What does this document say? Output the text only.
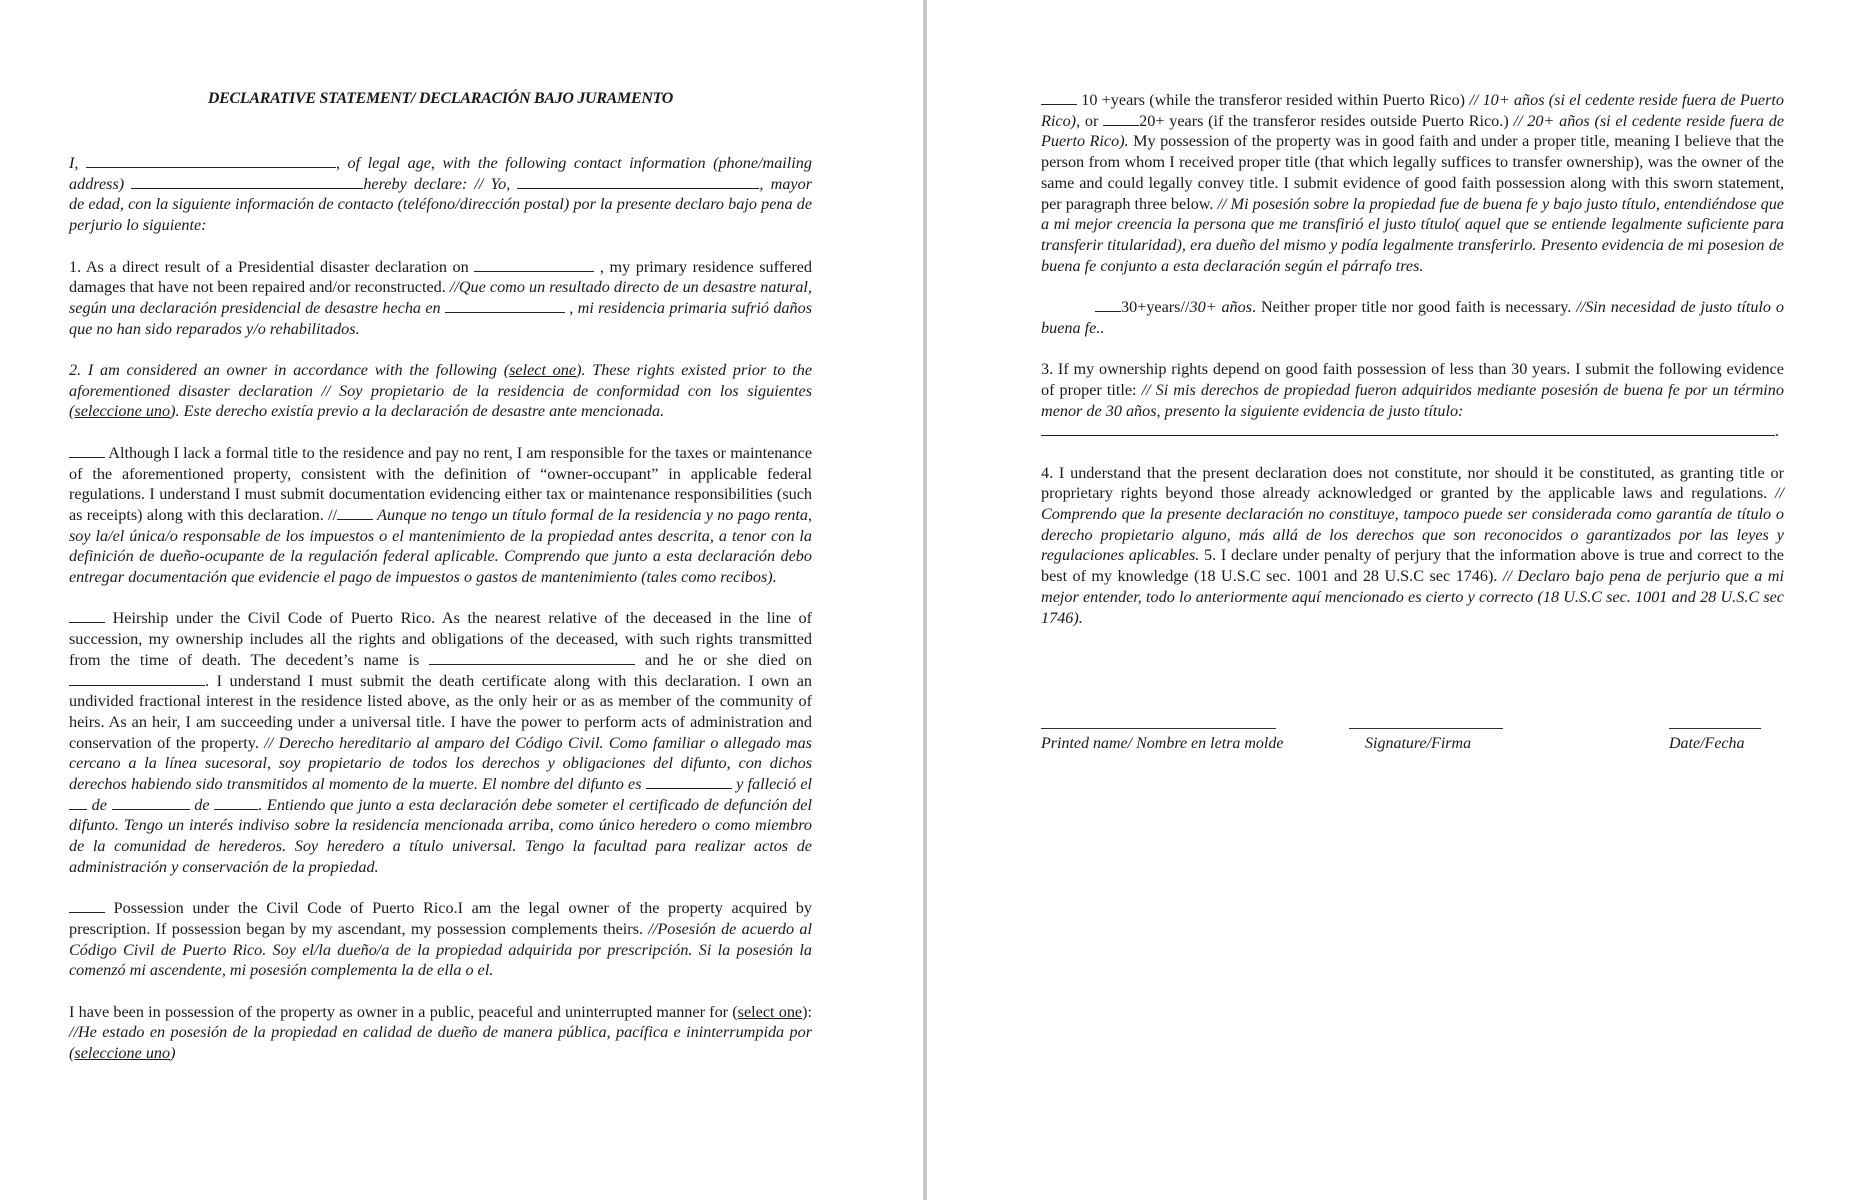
DECLARATIVE STATEMENT/ DECLARACIÓN BAJO JURAMENTO

I,	, of legal age, with the following contact information (phone/mailing address)	hereby declare: // Yo,	, mayor de edad, con la siguiente información de contacto (teléfono/dirección postal) por la presente declaro bajo pena de perjurio lo siguiente:

1. As a direct result of a Presidential disaster declaration on	, my primary residence suffered damages that have not been repaired and/or reconstructed. //Que como un resultado directo de un desastre natural, según una declaración presidencial de desastre hecha en	, mi residencia primaria sufrió daños que no han sido reparados y/o rehabilitados.

2. I am considered an owner in accordance with the following (select one). These rights existed prior to the aforementioned disaster declaration // Soy propietario de la residencia de conformidad con los siguientes (seleccione uno). Este derecho existía previo a la declaración de desastre ante mencionada.

Although I lack a formal title to the residence and pay no rent, I am responsible for the taxes or maintenance of the aforementioned property, consistent with the definition of “owner-occupant” in applicable federal regulations. I understand I must submit documentation evidencing either tax or maintenance responsibilities (such as receipts) along with this declaration. // Aunque no tengo un título formal de la residencia y no pago renta, soy la/el única/o responsable de los impuestos o el mantenimiento de la propiedad antes descrita, a tenor con la definición de dueño-ocupante de la regulación federal aplicable. Comprendo que junto a esta declaración debo entregar documentación que evidencie el pago de impuestos o gastos de mantenimiento (tales como recibos).

Heirship under the Civil Code of Puerto Rico. As the nearest relative of the deceased in the line of succession, my ownership includes all the rights and obligations of the deceased, with such rights transmitted from the time of death. The decedent’s name is	and he or she died on . I understand I must submit the death certificate along with this declaration. I own an undivided fractional interest in the residence listed above, as the only heir or as as member of the community of heirs. As an heir, I am succeeding under a universal title. I have the power to perform acts of administration and conservation of the property. // Derecho hereditario al amparo del Código Civil. Como familiar o allegado mas cercano a la línea sucesoral, soy propietario de todos los derechos y obligaciones del difunto, con dichos derechos habiendo sido transmitidos al momento de la muerte. El nombre del difunto es	y falleció el  de	de	. Entiendo que junto a esta declaración debe someter el certificado de defunción del difunto. Tengo un interés indiviso sobre la residencia mencionada arriba, como único heredero o como miembro de la comunidad de herederos. Soy heredero a título universal. Tengo la facultad para realizar actos de administración y conservación de la propiedad.

Possession under the Civil Code of Puerto Rico.I am the legal owner of the property acquired by prescription. If possession began by my ascendant, my possession complements theirs. //Posesión de acuerdo al Código Civil de Puerto Rico. Soy el/la dueño/a de la propiedad adquirida por prescripción. Si la posesión la comenzó mi ascendente, mi posesión complementa la de ella o el.

I have been in possession of the property as owner in a public, peaceful and uninterrupted manner for (select one): //He estado en posesión de la propiedad en calidad de dueño de manera pública, pacífica e ininterrumpida por (seleccione uno)

10 +years (while the transferor resided within Puerto Rico) // 10+ años (si el cedente reside fuera de Puerto Rico), or 20+ years (if the transferor resides outside Puerto Rico.) // 20+ años (si el cedente reside fuera de Puerto Rico). My possession of the property was in good faith and under a proper title, meaning I believe that the person from whom I received proper title (that which legally suffices to transfer ownership), was the owner of the same and could legally convey title. I submit evidence of good faith possession along with this sworn statement, per paragraph three below. // Mi posesión sobre la propiedad fue de buena fe y bajo justo título, entendiéndose que a mi mejor creencia la persona que me transfirió el justo título( aquel que se entiende legalmente suficiente para transferir titularidad), era dueño del mismo y podía legalmente transferirlo. Presento evidencia de mi posesion de buena fe conjunto a esta declaración según el párrafo tres.

30+years//30+ años. Neither proper title nor good faith is necessary. //Sin necesidad de justo título o buena fe..

3. If my ownership rights depend on good faith possession of less than 30 years. I submit the following evidence of proper title: // Si mis derechos de propiedad fueron adquiridos mediante posesión de buena fe por un término menor de 30 años, presento la siguiente evidencia de justo título:
.

4. I understand that the present declaration does not constitute, nor should it be constituted, as granting title or proprietary rights beyond those already acknowledged or granted by the applicable laws and regulations. // Comprendo que la presente declaración no constituye, tampoco puede ser considerada como garantía de título o derecho propietario alguno, más allá de los derechos que son reconocidos o garantizados por las leyes y regulaciones aplicables. 5. I declare under penalty of perjury that the information above is true and correct to the best of my knowledge (18 U.S.C sec. 1001 and 28 U.S.C sec 1746). // Declaro bajo pena de perjurio que a mi mejor entender, todo lo anteriormente aquí mencionado es cierto y correcto (18 U.S.C sec. 1001 and 28 U.S.C sec 1746).

Printed name/ Nombre en letra molde	Signature/Firma	Date/Fecha
